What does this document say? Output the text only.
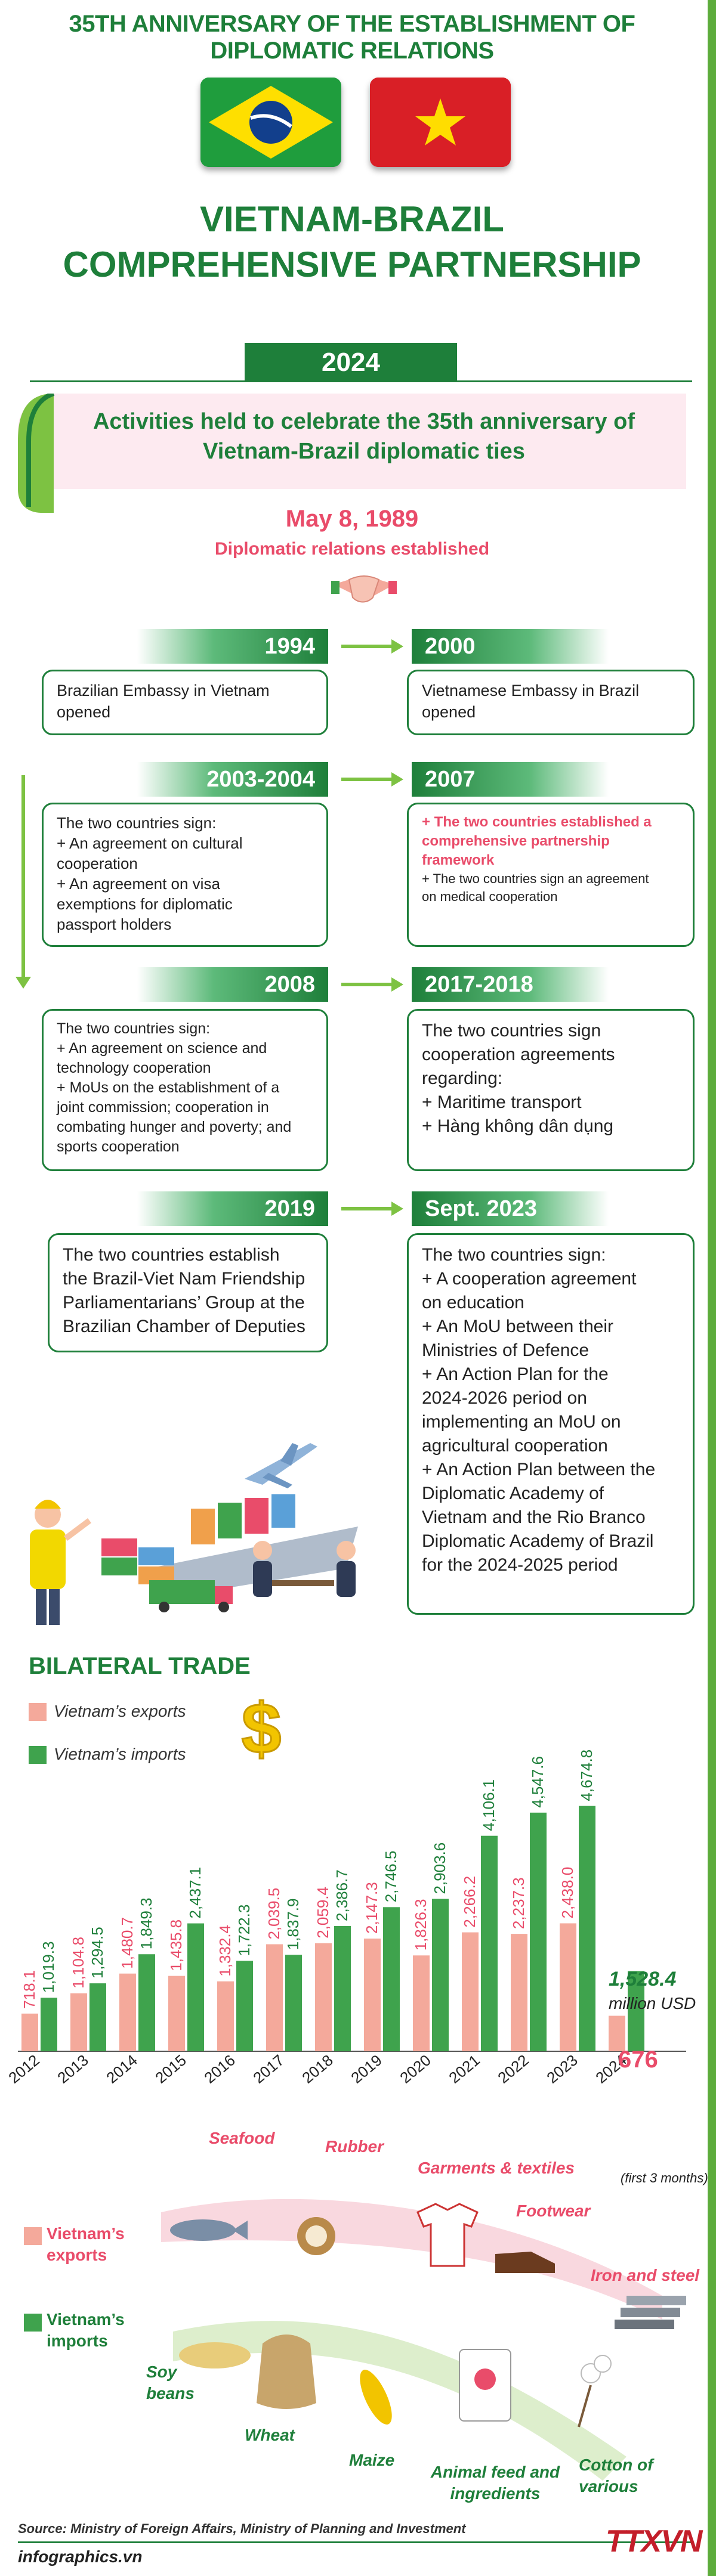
35TH ANNIVERSARY OF THE ESTABLISHMENT OF DIPLOMATIC RELATIONS
VIETNAM-BRAZIL
COMPREHENSIVE PARTNERSHIP
2024
Activities held to celebrate the 35th anniversary of
Vietnam-Brazil diplomatic ties
May 8, 1989
Diplomatic relations established
1994	2000
Brazilian Embassy in Vietnam
opened
Vietnamese Embassy in Brazil
opened
2003-2004	2007
The two countries sign:
+ An agreement on cultural
cooperation
+ An agreement on visa
exemptions for diplomatic
passport holders
+ The two countries established a
comprehensive partnership
framework
+ The two countries sign an agreement
on medical cooperation
2008	2017-2018
The two countries sign:
+ An agreement on science and
technology cooperation
+ MoUs on the establishment of a
joint commission; cooperation in
combating hunger and poverty; and
sports cooperation
The two countries sign
cooperation agreements
regarding:
+ Maritime transport
+ Hàng không dân dụng
2019	Sept. 2023
The two countries establish
the Brazil-Viet Nam Friendship
Parliamentarians’ Group at the
Brazilian Chamber of Deputies
The two countries sign:
+ A cooperation agreement
on education
+ An MoU between their
Ministries of Defence
+ An Action Plan for the
2024-2026 period on
implementing an MoU on
agricultural cooperation
+ An Action Plan between the
Diplomatic Academy of
Vietnam and the Rio Branco
Diplomatic Academy of Brazil
for the 2024-2025 period
BILATERAL TRADE
Vietnam’s exports
Vietnam’s imports $
718.1 1,019.3
2012
1,104.8 1,294.5
2013
1,480.7 1,849.3
2014
1,435.8
2,437.1
2015
1,332.4 1,722.3
2016
2,039.5 1,837.9
2017
2,059.4 2,386.7
2018
2,147.3
2,746.5
2019
1,826.3
2,903.6
2020
2,266.2
4,106.1
2021
2,237.3
4,547.6
2022
2,438.0
4,674.8
2023 2024
1,528.4
million USD
676
(first 3 months)
Vietnam’s exports
Vietnam’s imports
Seafood	Rubber
Garments & textiles
Footwear
Iron and steel
Soy beans
Wheat
Maize
Animal feed and ingredients
Cotton of various
Source: Ministry of Foreign Affairs, Ministry of Planning and Investment
infographics.vn	TTXVN
